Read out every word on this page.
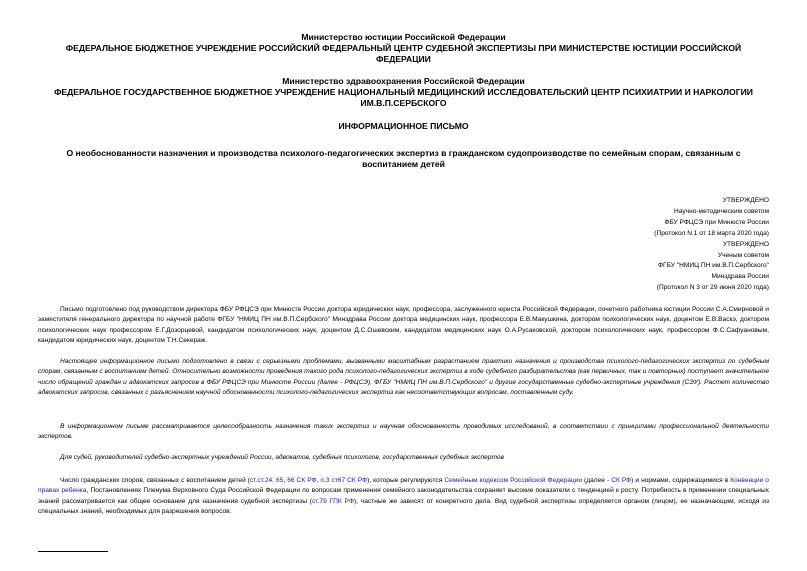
Министерство юстиции Российской Федерации
ФЕДЕРАЛЬНОЕ БЮДЖЕТНОЕ УЧРЕЖДЕНИЕ РОССИЙСКИЙ ФЕДЕРАЛЬНЫЙ ЦЕНТР СУДЕБНОЙ ЭКСПЕРТИЗЫ ПРИ МИНИСТЕРСТВЕ ЮСТИЦИИ РОССИЙСКОЙ ФЕДЕРАЦИИ
Министерство здравоохранения Российской Федерации
ФЕДЕРАЛЬНОЕ ГОСУДАРСТВЕННОЕ БЮДЖЕТНОЕ УЧРЕЖДЕНИЕ НАЦИОНАЛЬНЫЙ МЕДИЦИНСКИЙ ИССЛЕДОВАТЕЛЬСКИЙ ЦЕНТР ПСИХИАТРИИ И НАРКОЛОГИИ ИМ.В.П.СЕРБСКОГО
ИНФОРМАЦИОННОЕ ПИСЬМО
О необоснованности назначения и производства психолого-педагогических экспертиз в гражданском судопроизводстве по семейным спорам, связанным с воспитанием детей
УТВЕРЖДЕНО
Научно-методическим советом
ФБУ РФЦСЭ при Минюсте России
(Протокол N 1 от 18 марта 2020 года)
УТВЕРЖДЕНО
Ученым советом
ФГБУ "НМИЦ ПН им.В.П.Сербского"
Минздрава России
(Протокол N 3 от 29 июня 2020 года)

Письмо подготовлено под руководством директора ФБУ РФЦСЭ при Минюсте России доктора юридических наук, профессора, заслуженного юриста Российской Федерации, почетного работника юстиции России С.А.Смирновой и заместителя генерального директора по научной работе ФГБУ "НМИЦ ПН им.В.П.Сербского" Минздрава России доктора медицинских наук, профессора Е.В.Макушкина, доктором психологических наук, доцентом Е.В.Васкэ, доктором психологических наук профессором Е.Г.Дозорцевой, кандидатом психологических наук, доцентом Д.С.Ошевским, кандидатом медицинских наук О.А.Русаковской, доктором психологических наук, профессором Ф.С.Сафуановым, кандидатом юридических наук, доцентом Т.Н.Секераж.

Настоящее информационное письмо подготовлено в связи с серьезными проблемами, вызванными масштабным разрастанием практики назначения и производства психолого-педагогических экспертиз по судебным спорам, связанным с воспитанием детей. Относительно возможности проведения такого рода психолого-педагогических экспертиз в ходе судебного разбирательства (как первичных, так и повторных) поступает значительное число обращений граждан и адвокатских запросов в ФБУ РФЦСЭ при Минюсте России (далее - РФЦСЭ), ФГБУ "НМИЦ ПН им.В.П.Сербского" и другие государственные судебно-экспертные учреждения (СЭУ). Растет количество адвокатских запросов, связанных с разъяснением научной обоснованности психолого-педагогических экспертиз как несоответствующих вопросам, поставленным суду.

В информационном письме рассматривается целесообразность назначения таких экспертиз и научная обоснованность проводимых исследований, в соответствии с принципами профессиональной деятельности экспертов.

Для судей, руководителей судебно-экспертных учреждений России, адвокатов, судебных психологов, государственных судебных экспертов

Число гражданских споров, связанных с воспитанием детей (ст.ст.24, 65, 66 СК РФ, п.3 ст67 СК РФ), которые регулируются Семейным кодексом Российской Федерации (далее - СК РФ) и нормами, содержащимися в Конвенции о правах ребенка, Постановлениях Пленума Верховного Суда Российской Федерации по вопросам применения семейного законодательства сохраняет высокие показатели с тенденцией к росту. Потребность в применении специальных знаний рассматривается как общее основание для назначения судебной экспертизы (ст.79 ГПК РФ), частные же зависят от конкретного дела. Вид судебной экспертизы определяется органом (лицом), ее назначающим, исходя из специальных знаний, необходимых для разрешения вопросов.
